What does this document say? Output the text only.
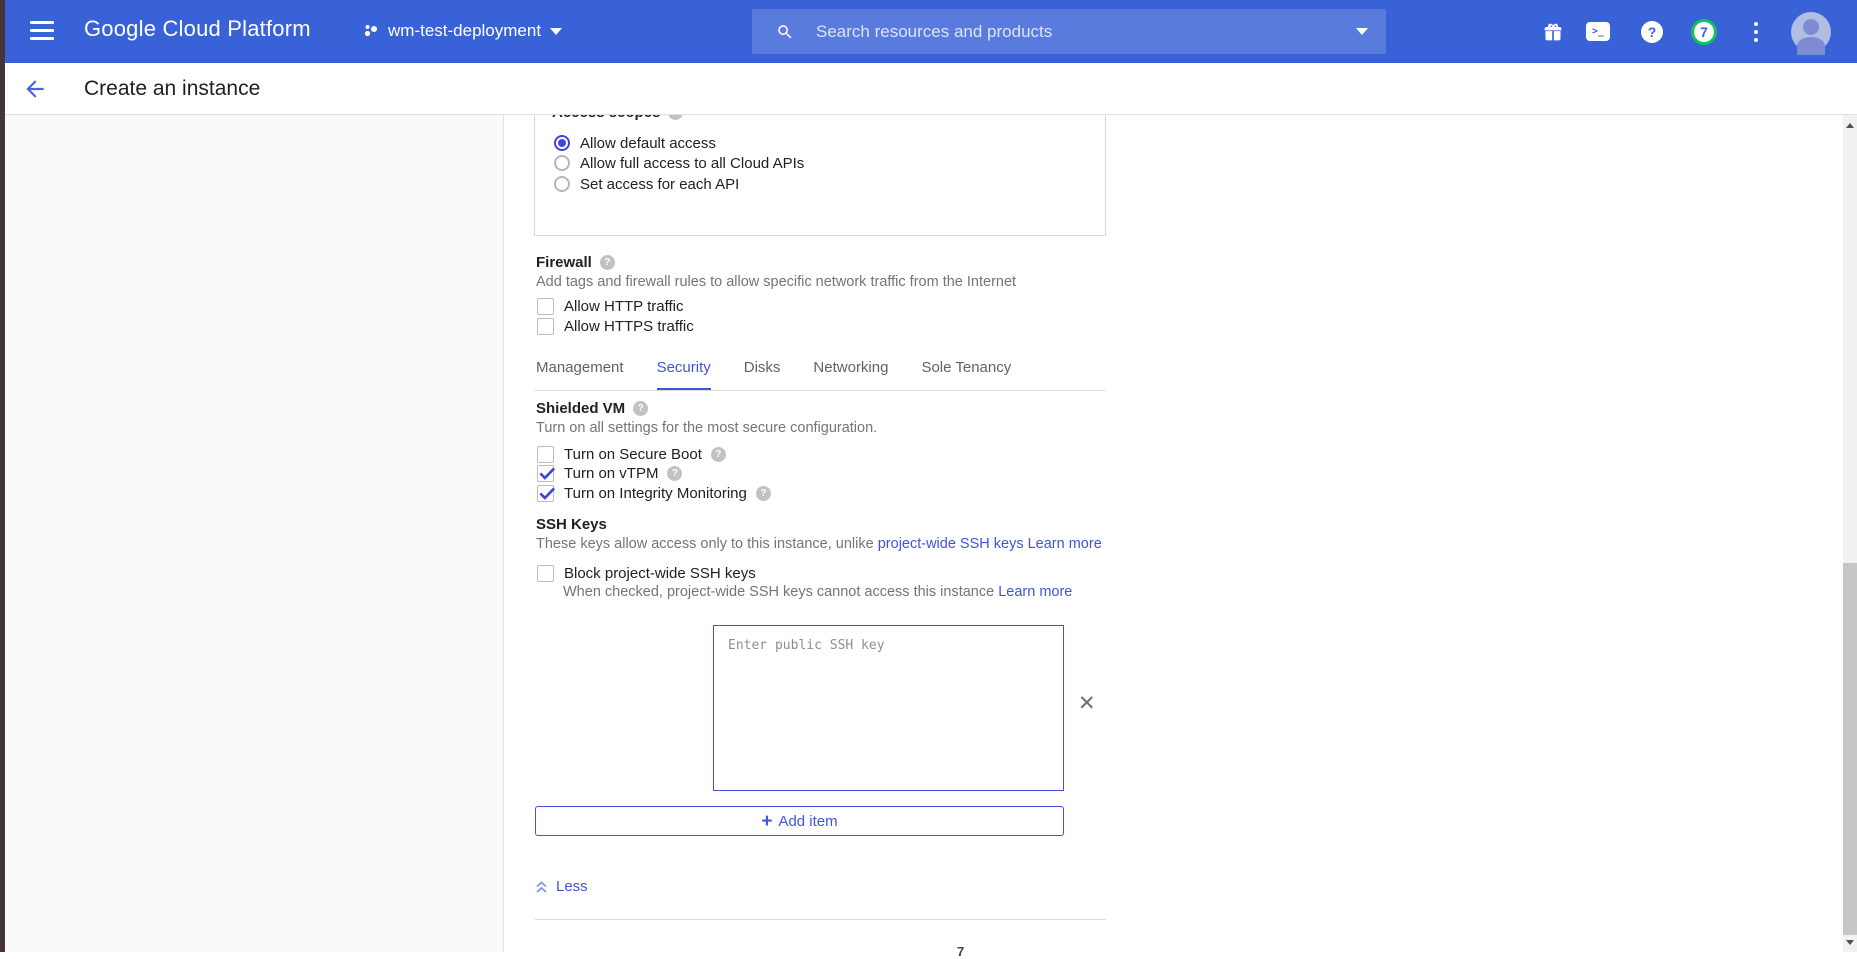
Google Cloud Platform	wm-test-deployment
Search resources and products	>_	?	7
Create an instance
Allow default access
Allow full access to all Cloud APIs
Set access for each API
Firewall	?
Add tags and firewall rules to allow specific network traffic from the Internet
Allow HTTP traffic
Allow HTTPS traffic
Management Security Disks Networking Sole Tenancy
Shielded VM	?
Turn on all settings for the most secure configuration.
Turn on Secure Boot	?
Turn on vTPM	?
Turn on Integrity Monitoring	?
SSH Keys
These keys allow access only to this instance, unlike project-wide SSH keys Learn more
Block project-wide SSH keys
When checked, project-wide SSH keys cannot access this instance Learn more
Enter public SSH key
✕
+ Add item
Less
7
